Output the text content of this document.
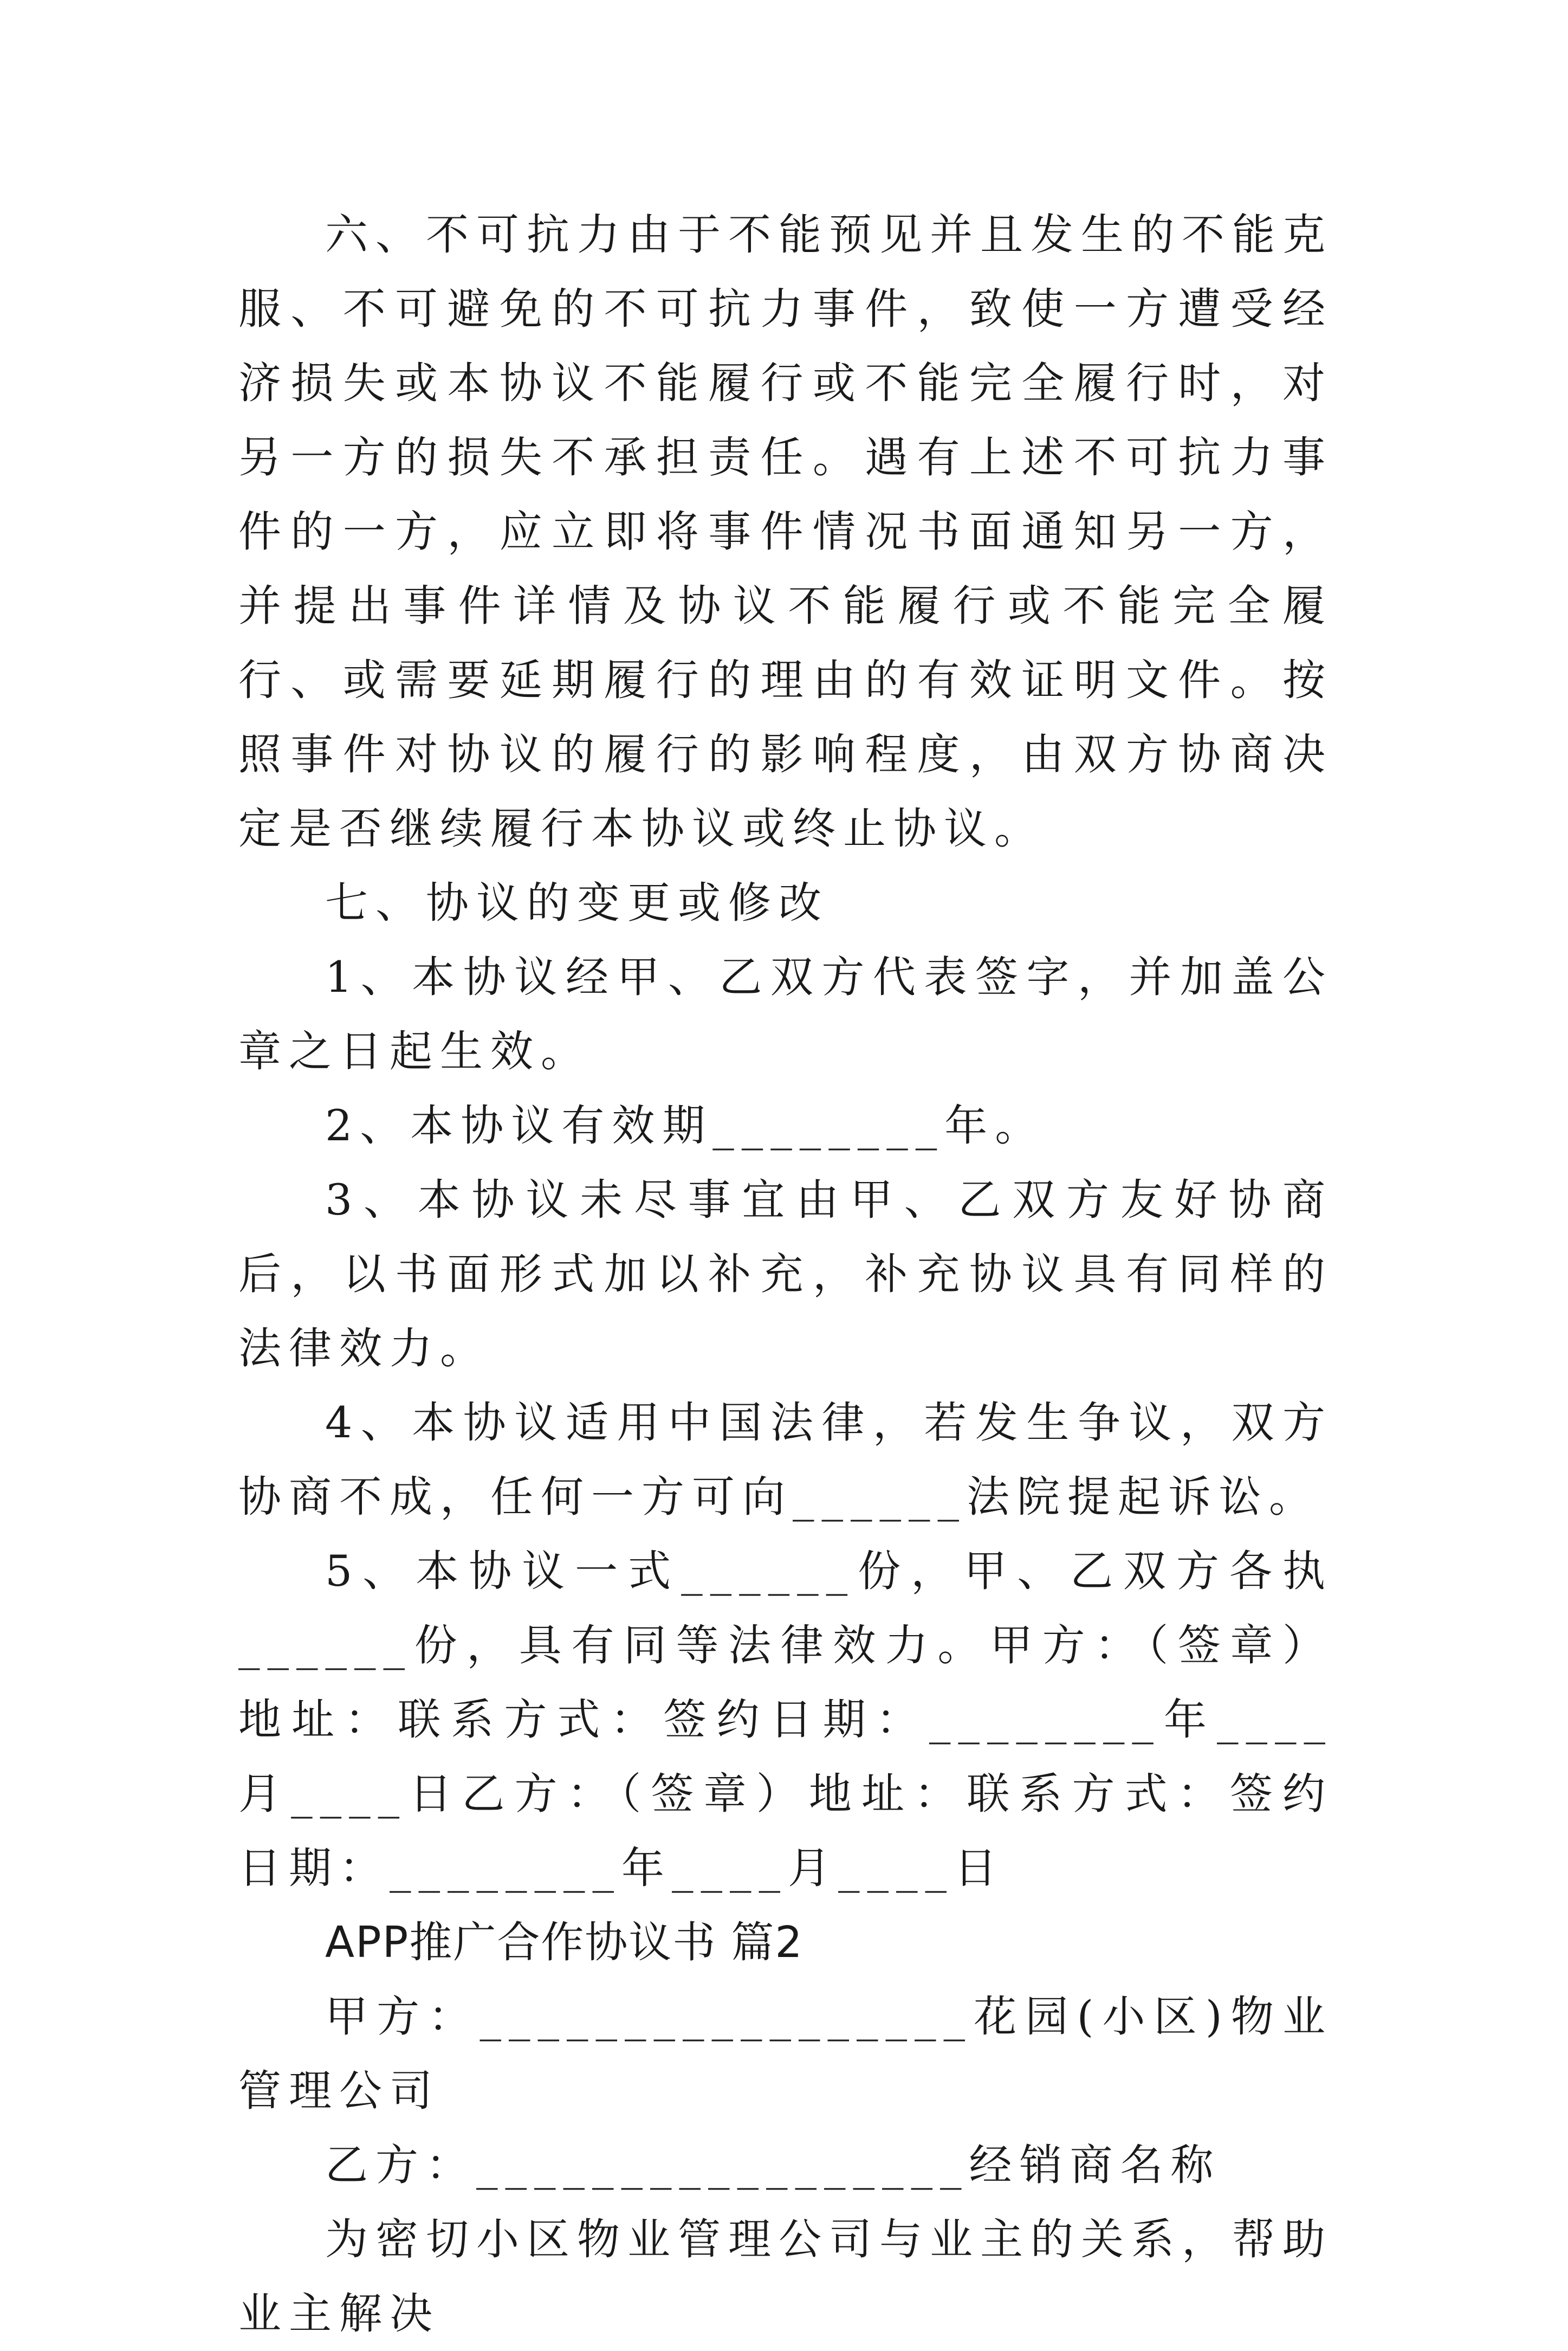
六、不可抗力由于不能预见并且发生的不能克服、不可避免的不可抗力事件，致使一方遭受经济损失或本协议不能履行或不能完全履行时，对另一方的损失不承担责任。遇有上述不可抗力事件的一方，应立即将事件情况书面通知另一方，并提出事件详情及协议不能履行或不能完全履行、或需要延期履行的理由的有效证明文件。按照事件对协议的履行的影响程度，由双方协商决定是否继续履行本协议或终止协议。

七、协议的变更或修改

1、本协议经甲、乙双方代表签字，并加盖公章之日起生效。

2、本协议有效期________年。

3、本协议未尽事宜由甲、乙双方友好协商后，以书面形式加以补充，补充协议具有同样的法律效力。

4、本协议适用中国法律，若发生争议，双方协商不成，任何一方可向______法院提起诉讼。

5、本协议一式______份，甲、乙双方各执______份，具有同等法律效力。甲方：（签章）地址：联系方式：签约日期：________年____月____日乙方：（签章）地址：联系方式：签约日期：________年____月____日

APP推广合作协议书 篇2

甲方：_________________花园(小区)物业管理公司

乙方：_________________经销商名称

为密切小区物业管理公司与业主的关系，帮助业主解决
